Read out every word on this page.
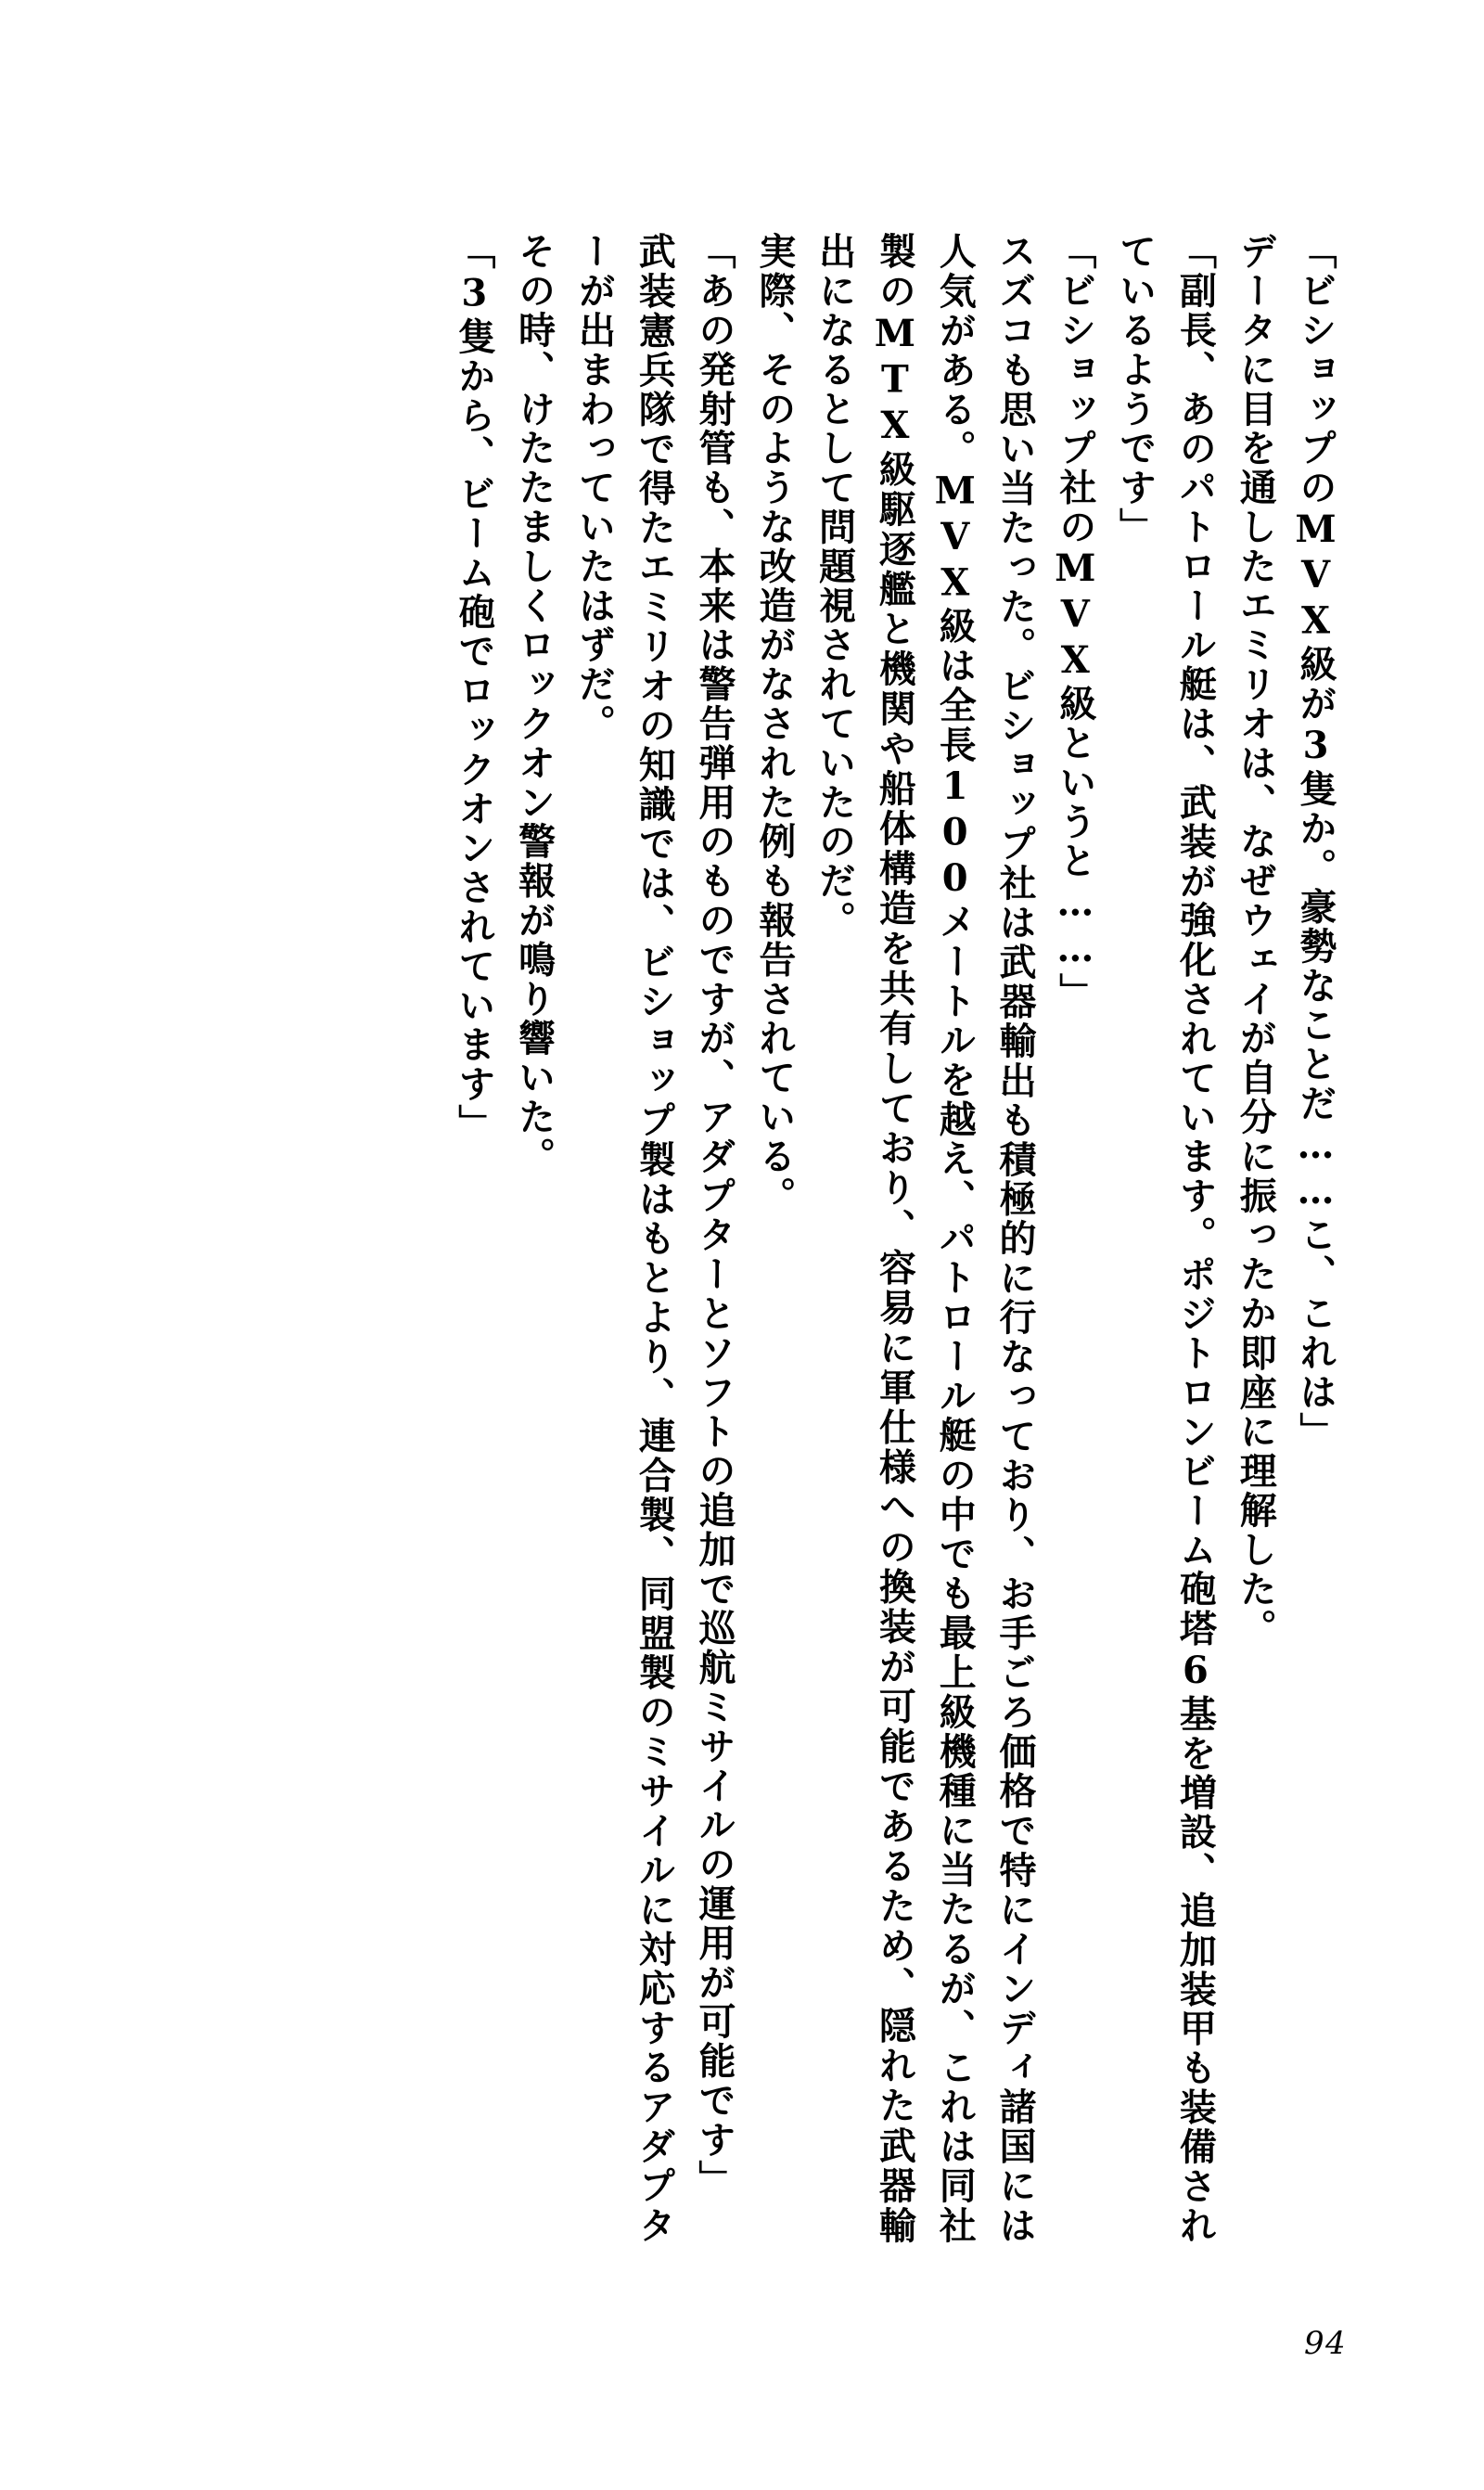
「ビショップのMVX級が3隻か。豪勢なことだ……こ、これは」

データに目を通したエミリオは、なぜウェイが自分に振ったか即座に理解した。

「副長、あのパトロール艇は、武装が強化されています。ポジトロンビーム砲塔6基を増設、追加装甲も装備されているようです」

「ビショップ社のMVX級というと……」

スズコも思い当たった。ビショップ社は武器輸出も積極的に行なっており、お手ごろ価格で特にインディ諸国には人気がある。MVX級は全長100メートルを越え、パトロール艇の中でも最上級機種に当たるが、これは同社製のMTX級駆逐艦と機関や船体構造を共有しており、容易に軍仕様への換装が可能であるため、隠れた武器輸出になるとして問題視されていたのだ。

実際、そのような改造がなされた例も報告されている。

「あの発射管も、本来は警告弾用のものですが、アダプターとソフトの追加で巡航ミサイルの運用が可能です」

武装憲兵隊で得たエミリオの知識では、ビショップ製はもとより、連合製、同盟製のミサイルに対応するアダプターが出まわっていたはずだ。

その時、けたたましくロックオン警報が鳴り響いた。

「3隻から、ビーム砲でロックオンされています」

94
